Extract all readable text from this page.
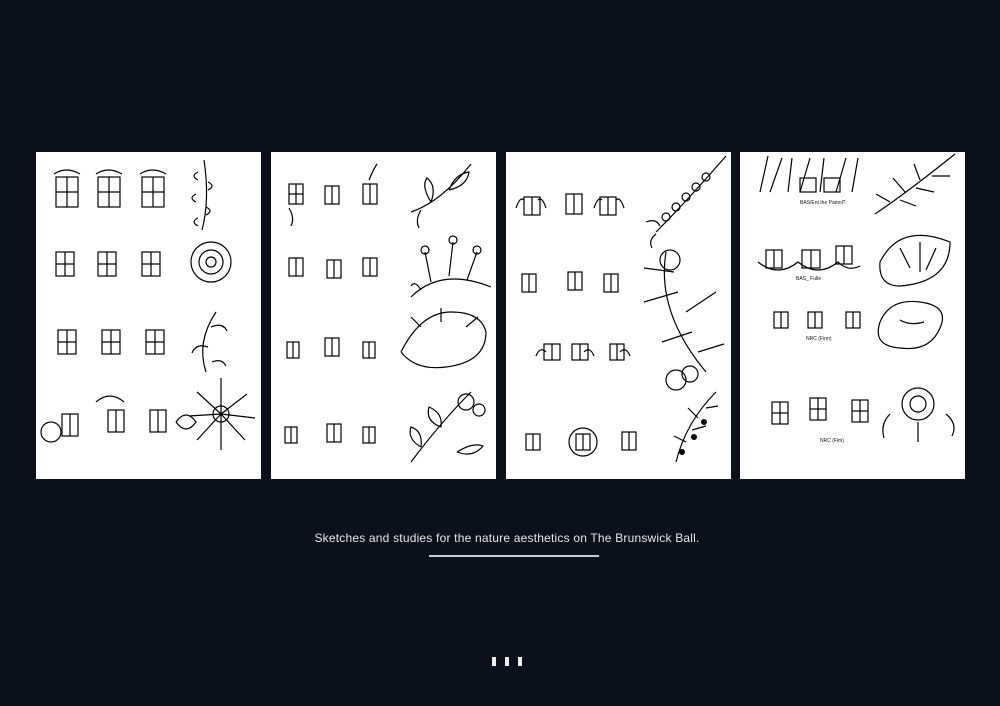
BAS/Ent the Pamol?
BAS_ Fulle
NRC (Firm)
NRC (Fim)
Sketches and studies for the nature aesthetics on The Brunswick Ball.
